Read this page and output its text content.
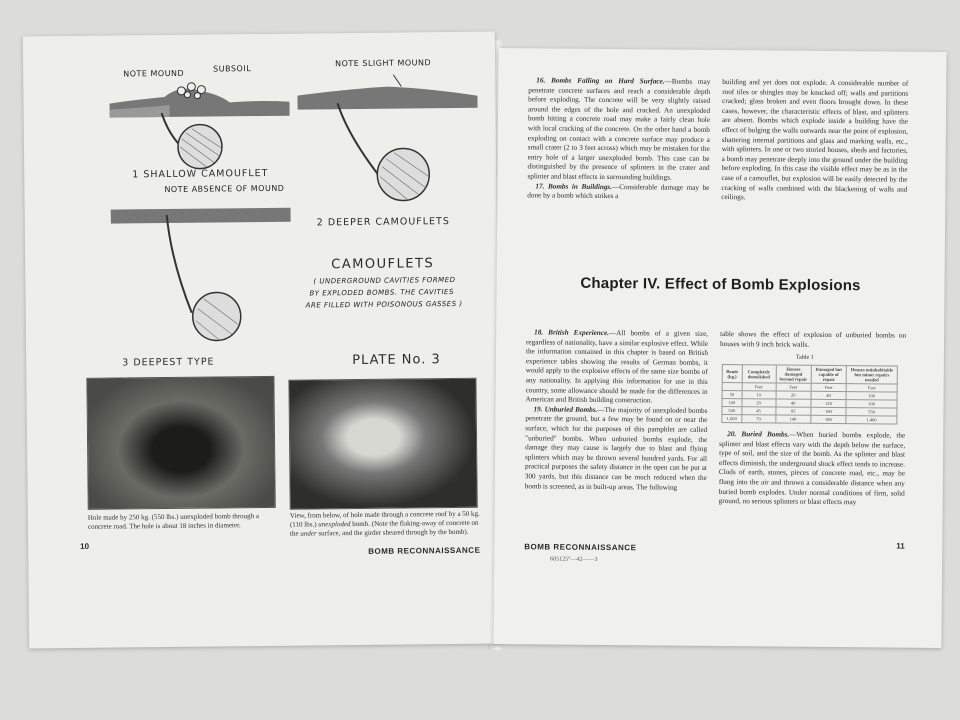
NOTE MOUND
SUBSOIL
1 SHALLOW CAMOUFLET
NOTE SLIGHT MOUND
2 DEEPER CAMOUFLETS
NOTE ABSENCE OF MOUND
3 DEEPEST TYPE
CAMOUFLETS
( UNDERGROUND CAVITIES FORMED
BY EXPLODED BOMBS. THE CAVITIES
ARE FILLED WITH POISONOUS GASSES )
PLATE No. 3
Hole made by 250 kg. (550 lbs.) unexploded bomb through a concrete road. The hole is about 18 inches in diameter.
View, from below, of hole made through a concrete roof by a 50 kg. (110 lbs.) unexploded bomb. (Note the flaking-away of concrete on the under surface, and the girder sheared through by the bomb).
10	BOMB RECONNAISSANCE

16. Bombs Falling on Hard Surface.—Bombs may penetrate concrete surfaces and reach a considerable depth before exploding. The concrete will be very slightly raised around the edges of the hole and cracked. An unexploded bomb hitting a concrete road may make a fairly clean hole with local cracking of the concrete. On the other hand a bomb exploding on contact with a concrete surface may produce a small crater (2 to 3 feet across) which may be mistaken for the entry hole of a larger unexploded bomb. This case can be distinguished by the presence of splinters in the crater and splinter and blast effects in surrounding buildings.

17. Bombs in Buildings.—Considerable damage may be done by a bomb which strikes a

building and yet does not explode. A considerable number of roof tiles or shingles may be knocked off; walls and partitions cracked; glass broken and even floors brought down. In these cases, however, the characteristic effects of blast, and splinters are absent. Bombs which explode inside a building have the effect of bulging the walls outwards near the point of explosion, shattering internal partitions and glass and marking walls, etc., with splinters. In one or two storied houses, sheds and factories, a bomb may penetrate deeply into the ground under the building before exploding. In this case the visible effect may be as in the case of a camouflet, but explosion will be easily detected by the cracking of walls combined with the blackening of walls and ceilings.

Chapter IV. Effect of Bomb Explosions

18. British Experience.—All bombs of a given size, regardless of nationality, have a similar explosive effect. While the information contained in this chapter is based on British experience tables showing the results of German bombs, it would apply to the explosive effects of the same size bombs of any nationality. In applying this information for use in this country, some allowance should be made for the differences in American and British building construction.

19. Unburied Bombs.—The majority of unexploded bombs penetrate the ground, but a few may be found on or near the surface, which for the purposes of this pamphlet are called "unburied" bombs. When unburied bombs explode, the damage they may cause is largely due to blast and flying splinters which may be thrown several hundred yards. For all practical purposes the safety distance in the open can be put at 300 yards, but this distance can be much reduced when the bomb is screened, as in built-up areas. The following

table shows the effect of explosion of unburied bombs on houses with 9 inch brick walls.

Table 1
Bomb (kg.)	Completely demolished	Houses damaged beyond repair	Damaged but capable of repair	Houses uninhabitable but minor repairs needed
	Feet	Feet	Feet	Feet
50	10	20	40	100
100	20	40	120	300
500	45	95	190	550
1,000	70	140	180	1,400

20. Buried Bombs.—When buried bombs explode, the splinter and blast effects vary with the depth below the surface, type of soil, and the size of the bomb. As the splinter and blast effects diminish, the underground shock effect tends to increase. Clods of earth, stones, pieces of concrete road, etc., may be flung into the air and thrown a considerable distance when any buried bomb explodes. Under normal conditions of firm, solid ground, no serious splinters or blast effects may

BOMB RECONNAISSANCE
605125°—42——3
11
